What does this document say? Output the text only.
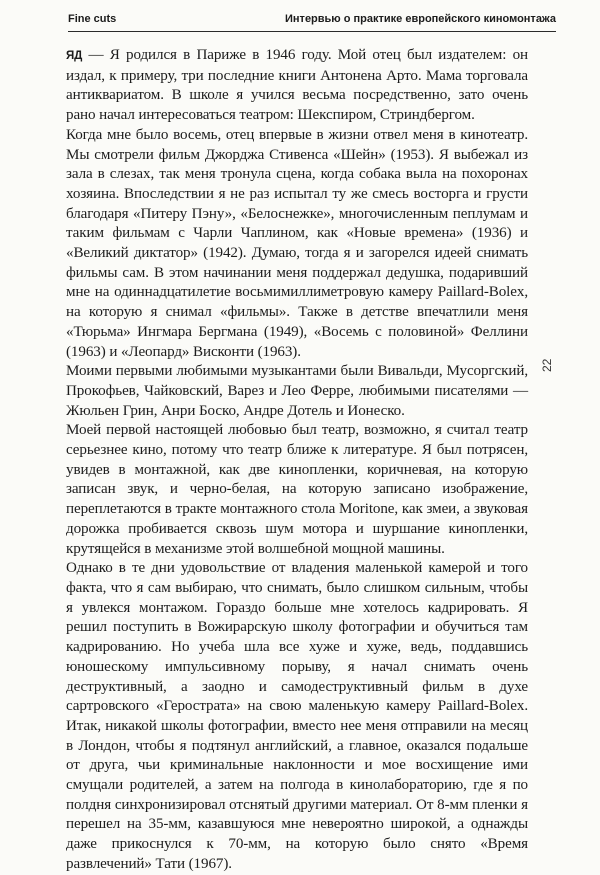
Fine cuts	Интервью о практике европейского киномонтажа
22

ЯД — Я родился в Париже в 1946 году. Мой отец был издателем: он издал, к примеру, три последние книги Антонена Арто. Мама торговала антиквариатом. В школе я учился весьма посредственно, зато очень рано начал интересоваться театром: Шекспиром, Стриндбергом.

Когда мне было восемь, отец впервые в жизни отвел меня в кинотеатр. Мы смотрели фильм Джорджа Стивенса «Шейн» (1953). Я выбежал из зала в слезах, так меня тронула сцена, когда собака выла на похоронах хозяина. Впоследствии я не раз испытал ту же смесь восторга и грусти благодаря «Питеру Пэну», «Белоснежке», многочисленным пеплумам и таким фильмам с Чарли Чаплином, как «Новые времена» (1936) и «Великий диктатор» (1942). Думаю, тогда я и загорелся идеей снимать фильмы сам. В этом начинании меня поддержал дедушка, подаривший мне на одиннадцатилетие восьмимиллиметровую камеру Paillard-Bolex, на которую я снимал «фильмы». Также в детстве впечатлили меня «Тюрьма» Ингмара Бергмана (1949), «Восемь с половиной» Феллини (1963) и «Леопард» Висконти (1963).

Моими первыми любимыми музыкантами были Вивальди, Мусоргский, Прокофьев, Чайковский, Варез и Лео Ферре, любимыми писателями — Жюльен Грин, Анри Боско, Андре Дотель и Ионеско.

Моей первой настоящей любовью был театр, возможно, я считал театр серьезнее кино, потому что театр ближе к литературе. Я был потрясен, увидев в монтажной, как две кинопленки, коричневая, на которую записан звук, и черно-белая, на которую записано изображение, переплетаются в тракте монтажного стола Moritone, как змеи, а звуковая дорожка пробивается сквозь шум мотора и шуршание кинопленки, крутящейся в механизме этой волшебной мощной машины.

Однако в те дни удовольствие от владения маленькой камерой и того факта, что я сам выбираю, что снимать, было слишком сильным, чтобы я увлекся монтажом. Гораздо больше мне хотелось кадрировать. Я решил поступить в Вожирарскую школу фотографии и обучиться там кадрированию. Но учеба шла все хуже и хуже, ведь, поддавшись юношескому импульсивному порыву, я начал снимать очень деструктивный, а заодно и самодеструктивный фильм в духе сартровского «Герострата» на свою маленькую камеру Paillard-Bolex. Итак, никакой школы фотографии, вместо нее меня отправили на месяц в Лондон, чтобы я подтянул английский, а главное, оказался подальше от друга, чьи криминальные наклонности и мое восхищение ими смущали родителей, а затем на полгода в кинолабораторию, где я по полдня синхронизировал отснятый другими материал. От 8-мм пленки я перешел на 35-мм, казавшуюся мне невероятно широкой, а однажды даже прикоснулся к 70-мм, на которую было снято «Время развлечений» Тати (1967).
